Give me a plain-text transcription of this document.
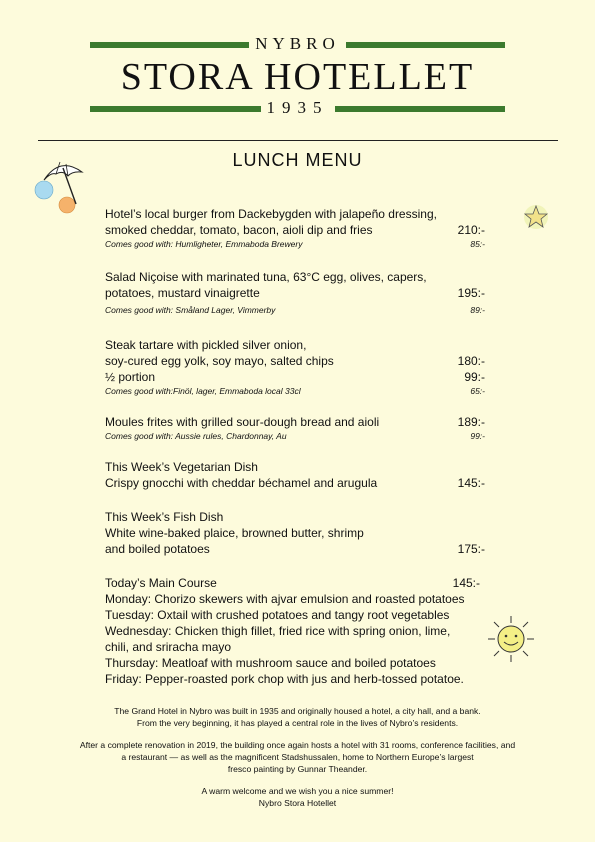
NYBRO
STORA HOTELLET
1935
LUNCH MENU
Hotel’s local burger from Dackebygden with jalapeño dressing,
smoked cheddar, tomato, bacon, aioli dip and fries	210:-
Comes good with: Humligheter, Emmaboda Brewery	85:-
Salad Niçoise with marinated tuna, 63°C egg, olives, capers,
potatoes, mustard vinaigrette	195:-
Comes good with: Småland Lager, Vimmerby	89:-
Steak tartare with pickled silver onion,
soy-cured egg yolk, soy mayo, salted chips	180:-
½ portion	99:-
Comes good with:Finöl, lager, Emmaboda local 33cl	65:-
Moules frites with grilled sour-dough bread and aioli	189:-
Comes good with: Aussie rules, Chardonnay, Au	99:-
This Week’s Vegetarian Dish
Crispy gnocchi with cheddar béchamel and arugula	145:-
This Week’s Fish Dish
White wine-baked plaice, browned butter, shrimp
and boiled potatoes	175:-
Today’s Main Course	145:-
Monday: Chorizo skewers with ajvar emulsion and roasted potatoes
Tuesday: Oxtail with crushed potatoes and tangy root vegetables
Wednesday: Chicken thigh fillet, fried rice with spring onion, lime,
chili, and sriracha mayo
Thursday: Meatloaf with mushroom sauce and boiled potatoes
Friday: Pepper-roasted pork chop with jus and herb-tossed potatoe.

The Grand Hotel in Nybro was built in 1935 and originally housed a hotel, a city hall, and a bank.
From the very beginning, it has played a central role in the lives of Nybro’s residents.

After a complete renovation in 2019, the building once again hosts a hotel with 31 rooms, conference facilities, and
a restaurant — as well as the magnificent Stadshussalen, home to Northern Europe’s largest
fresco painting by Gunnar Theander.

A warm welcome and we wish you a nice summer!
Nybro Stora Hotellet
